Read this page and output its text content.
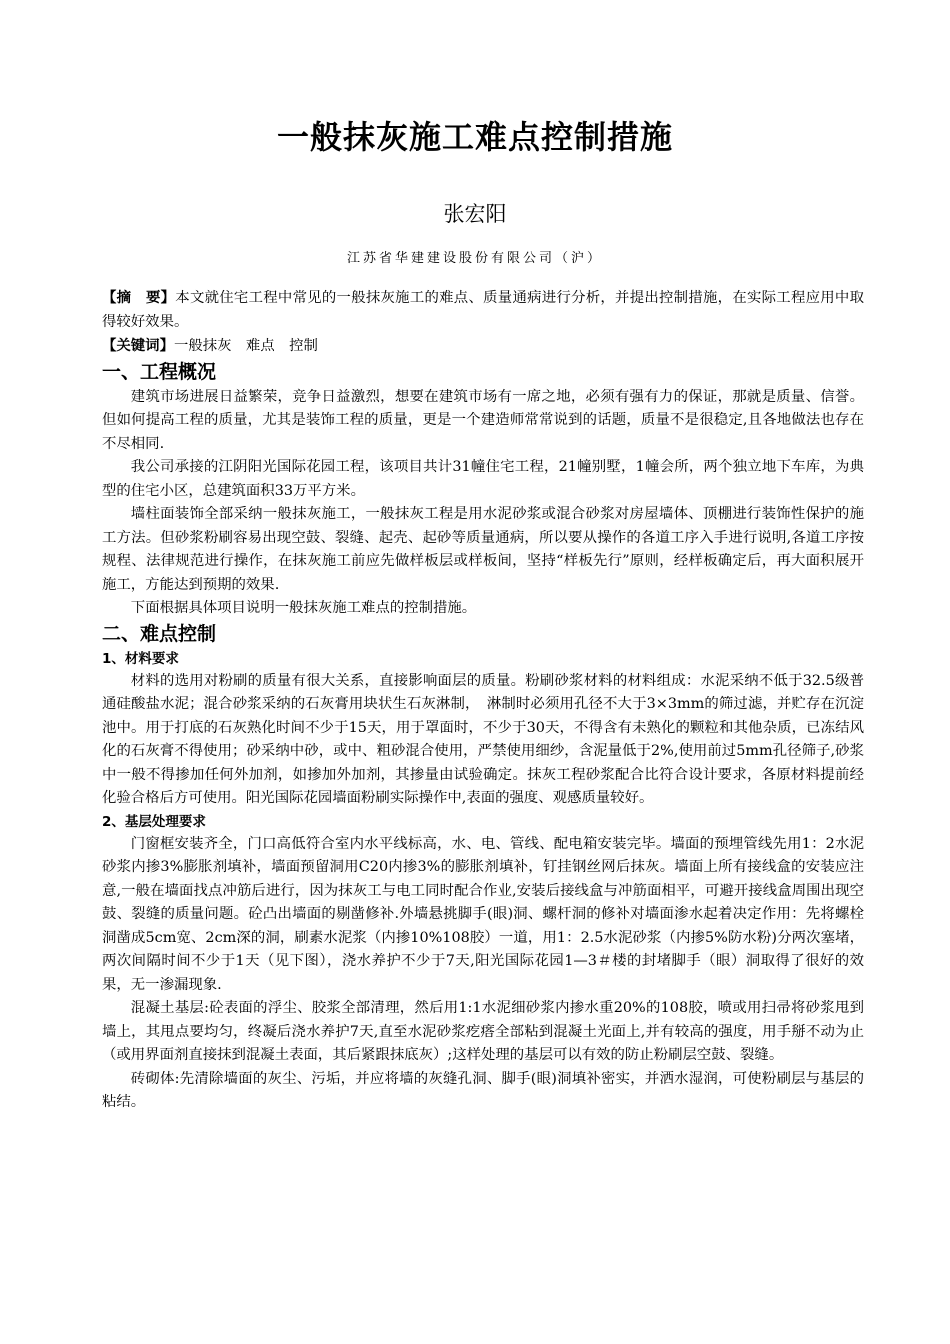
一般抹灰施工难点控制措施
张宏阳
江苏省华建建设股份有限公司（沪）

【摘　要】本文就住宅工程中常见的一般抹灰施工的难点、质量通病进行分析，并提出控制措施，在实际工程应用中取得较好效果。

【关键词】一般抹灰　难点　控制

一、工程概况

建筑市场进展日益繁荣，竞争日益激烈，想要在建筑市场有一席之地，必须有强有力的保证，那就是质量、信誉。但如何提高工程的质量，尤其是装饰工程的质量，更是一个建造师常常说到的话题，质量不是很稳定,且各地做法也存在不尽相同.

我公司承接的江阴阳光国际花园工程，该项目共计31幢住宅工程，21幢别墅，1幢会所，两个独立地下车库，为典型的住宅小区，总建筑面积33万平方米。

墙柱面装饰全部采纳一般抹灰施工，一般抹灰工程是用水泥砂浆或混合砂浆对房屋墙体、顶棚进行装饰性保护的施工方法。但砂浆粉刷容易出现空鼓、裂缝、起壳、起砂等质量通病，所以要从操作的各道工序入手进行说明,各道工序按规程、法律规范进行操作，在抹灰施工前应先做样板层或样板间，坚持“样板先行”原则，经样板确定后，再大面积展开施工，方能达到预期的效果.

下面根据具体项目说明一般抹灰施工难点的控制措施。

二、难点控制
1、材料要求

材料的选用对粉刷的质量有很大关系，直接影响面层的质量。粉刷砂浆材料的材料组成：水泥采纳不低于32.5级普通硅酸盐水泥；混合砂浆采纳的石灰膏用块状生石灰淋制，　淋制时必须用孔径不大于3×3mm的筛过滤，并贮存在沉淀池中。用于打底的石灰熟化时间不少于15天，用于罩面时，不少于30天，不得含有未熟化的颗粒和其他杂质，已冻结风化的石灰膏不得使用；砂采纳中砂，或中、粗砂混合使用，严禁使用细纱，含泥量低于2%,使用前过5mm孔径筛子,砂浆中一般不得掺加任何外加剂，如掺加外加剂，其掺量由试验确定。抹灰工程砂浆配合比符合设计要求，各原材料提前经化验合格后方可使用。阳光国际花园墙面粉刷实际操作中,表面的强度、观感质量较好。

2、基层处理要求

门窗框安装齐全，门口高低符合室内水平线标高，水、电、管线、配电箱安装完毕。墙面的预埋管线先用1：2水泥砂浆内掺3%膨胀剂填补，墙面预留洞用C20内掺3%的膨胀剂填补，钉挂钢丝网后抹灰。墙面上所有接线盒的安装应注意,一般在墙面找点冲筋后进行，因为抹灰工与电工同时配合作业,安装后接线盒与冲筋面相平，可避开接线盒周围出现空鼓、裂缝的质量问题。砼凸出墙面的剔凿修补.外墙悬挑脚手(眼)洞、螺杆洞的修补对墙面渗水起着决定作用：先将螺栓洞凿成5cm宽、2cm深的洞，刷素水泥浆（内掺10%108胶）一道，用1：2.5水泥砂浆（内掺5%防水粉)分两次塞堵，两次间隔时间不少于1天（见下图），浇水养护不少于7天,阳光国际花园1—3＃楼的封堵脚手（眼）洞取得了很好的效果，无一渗漏现象.

混凝土基层:砼表面的浮尘、胶浆全部清理，然后用1:1水泥细砂浆内掺水重20%的108胶，喷或用扫帚将砂浆甩到墙上，其甩点要均匀，终凝后浇水养护7天,直至水泥砂浆疙瘩全部粘到混凝土光面上,并有较高的强度，用手掰不动为止（或用界面剂直接抹到混凝土表面，其后紧跟抹底灰）;这样处理的基层可以有效的防止粉刷层空鼓、裂缝。

砖砌体:先清除墙面的灰尘、污垢，并应将墙的灰缝孔洞、脚手(眼)洞填补密实，并洒水湿润，可使粉刷层与基层的粘结。
